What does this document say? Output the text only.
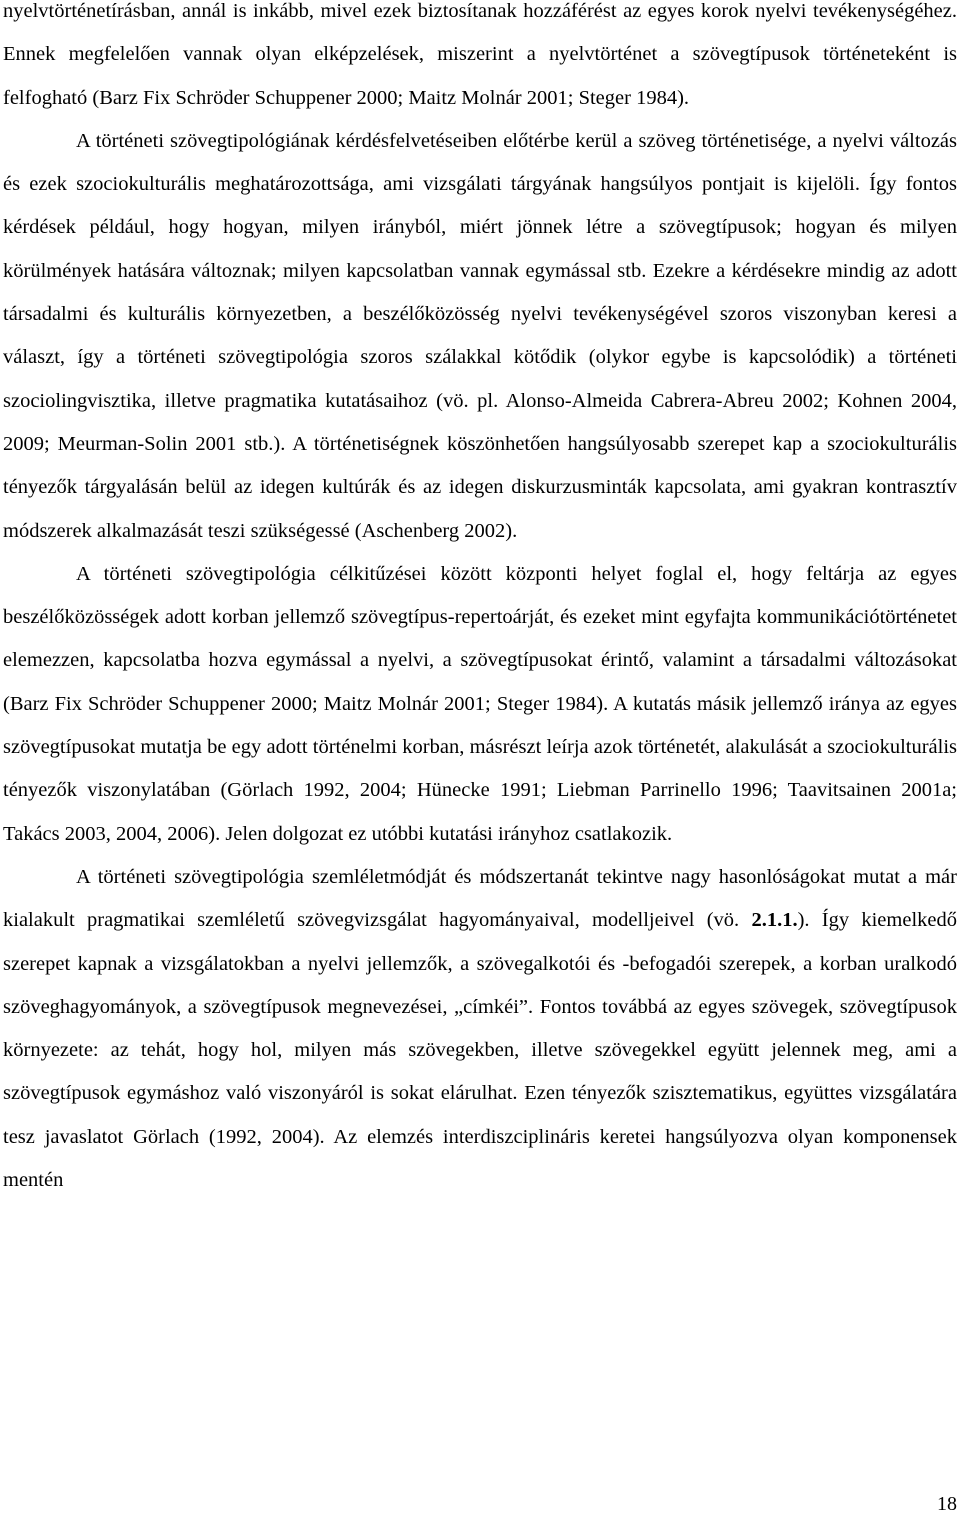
nyelvtörténetírásban, annál is inkább, mivel ezek biztosítanak hozzáférést az egyes korok nyelvi tevékenységéhez. Ennek megfelelően vannak olyan elképzelések, miszerint a nyelvtörténet a szövegtípusok történeteként is felfogható (Barz Fix Schröder Schuppener 2000; Maitz Molnár 2001; Steger 1984).

A történeti szövegtipológiának kérdésfelvetéseiben előtérbe kerül a szöveg történetisége, a nyelvi változás és ezek szociokulturális meghatározottsága, ami vizsgálati tárgyának hangsúlyos pontjait is kijelöli. Így fontos kérdések például, hogy hogyan, milyen irányból, miért jönnek létre a szövegtípusok; hogyan és milyen körülmények hatására változnak; milyen kapcsolatban vannak egymással stb. Ezekre a kérdésekre mindig az adott társadalmi és kulturális környezetben, a beszélőközösség nyelvi tevékenységével szoros viszonyban keresi a választ, így a történeti szövegtipológia szoros szálakkal kötődik (olykor egybe is kapcsolódik) a történeti szociolingvisztika, illetve pragmatika kutatásaihoz (vö. pl. Alonso-Almeida Cabrera-Abreu 2002; Kohnen 2004, 2009; Meurman-Solin 2001 stb.). A történetiségnek köszönhetően hangsúlyosabb szerepet kap a szociokulturális tényezők tárgyalásán belül az idegen kultúrák és az idegen diskurzusminták kapcsolata, ami gyakran kontrasztív módszerek alkalmazását teszi szükségessé (Aschenberg 2002).

A történeti szövegtipológia célkitűzései között központi helyet foglal el, hogy feltárja az egyes beszélőközösségek adott korban jellemző szövegtípus-repertoárját, és ezeket mint egyfajta kommunikációtörténetet elemezzen, kapcsolatba hozva egymással a nyelvi, a szövegtípusokat érintő, valamint a társadalmi változásokat (Barz Fix Schröder Schuppener 2000; Maitz Molnár 2001; Steger 1984). A kutatás másik jellemző iránya az egyes szövegtípusokat mutatja be egy adott történelmi korban, másrészt leírja azok történetét, alakulását a szociokulturális tényezők viszonylatában (Görlach 1992, 2004; Hünecke 1991; Liebman Parrinello 1996; Taavitsainen 2001a; Takács 2003, 2004, 2006). Jelen dolgozat ez utóbbi kutatási irányhoz csatlakozik.

A történeti szövegtipológia szemléletmódját és módszertanát tekintve nagy hasonlóságokat mutat a már kialakult pragmatikai szemléletű szövegvizsgálat hagyományaival, modelljeivel (vö. 2.1.1.). Így kiemelkedő szerepet kapnak a vizsgálatokban a nyelvi jellemzők, a szövegalkotói és -befogadói szerepek, a korban uralkodó szöveghagyományok, a szövegtípusok megnevezései, „címkéi”. Fontos továbbá az egyes szövegek, szövegtípusok környezete: az tehát, hogy hol, milyen más szövegekben, illetve szövegekkel együtt jelennek meg, ami a szövegtípusok egymáshoz való viszonyáról is sokat elárulhat. Ezen tényezők szisztematikus, együttes vizsgálatára tesz javaslatot Görlach (1992, 2004). Az elemzés interdiszciplináris keretei hangsúlyozva olyan komponensek mentén

18
